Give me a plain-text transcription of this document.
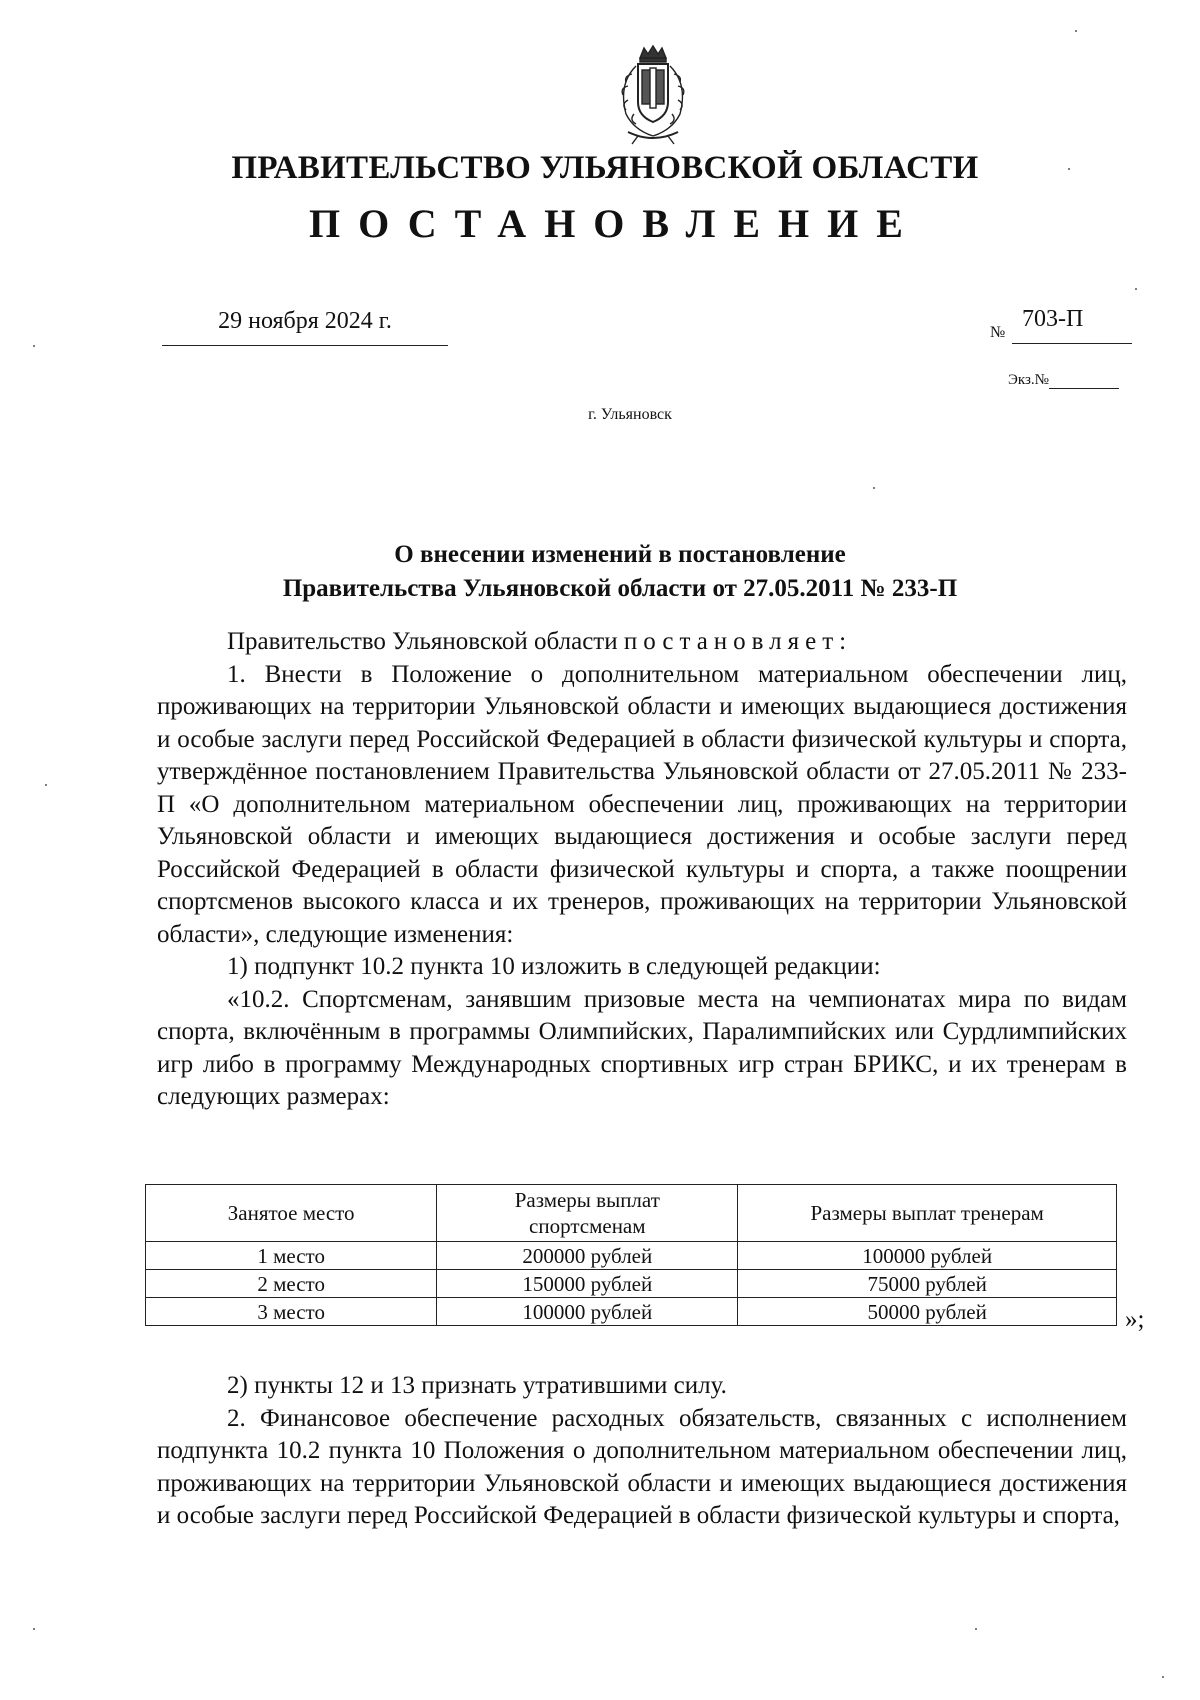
ПРАВИТЕЛЬСТВО УЛЬЯНОВСКОЙ ОБЛАСТИ
ПОСТАНОВЛЕНИЕ
29 ноября 2024 г.	№
703-П
Экз.№
г. Ульяновск
О внесении изменений в постановление
Правительства Ульяновской области от 27.05.2011 № 233-П

Правительство Ульяновской области постановляет:

1. Внести в Положение о дополнительном материальном обеспечении лиц, проживающих на территории Ульяновской области и имеющих выдающиеся достижения и особые заслуги перед Российской Федерацией в области физической культуры и спорта, утверждённое постановлением Правительства Ульяновской области от 27.05.2011 № 233-П «О дополнительном материальном обеспечении лиц, проживающих на территории Ульяновской области и имеющих выдающиеся достижения и особые заслуги перед Российской Федерацией в области физической культуры и спорта, а также поощрении спортсменов высокого класса и их тренеров, проживающих на территории Ульяновской области», следующие изменения:

1) подпункт 10.2 пункта 10 изложить в следующей редакции:

«10.2. Спортсменам, занявшим призовые места на чемпионатах мира по видам спорта, включённым в программы Олимпийских, Паралимпийских или Сурдлимпийских игр либо в программу Международных спортивных игр стран БРИКС, и их тренерам в следующих размерах:

Занятое место	Размеры выплат спортсменам	Размеры выплат тренерам
1 место	200000 рублей	100000 рублей
2 место	150000 рублей	75000 рублей
3 место	100000 рублей	50000 рублей	»;

2) пункты 12 и 13 признать утратившими силу.

2. Финансовое обеспечение расходных обязательств, связанных с исполнением подпункта 10.2 пункта 10 Положения о дополнительном материальном обеспечении лиц, проживающих на территории Ульяновской области и имеющих выдающиеся достижения и особые заслуги перед Российской Федерацией в области физической культуры и спорта,
